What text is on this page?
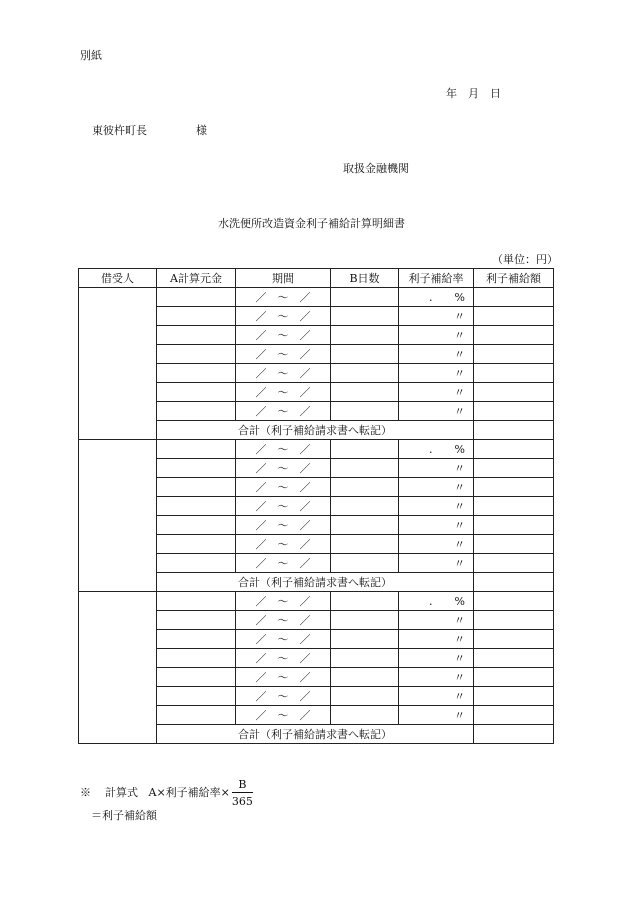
別紙
年　月　日
東彼杵町長	様
取扱金融機関
水洗便所改造資金利子補給計算明細書
（単位：円）
借受人	A計算元金	期間	B日数	利子補給率	利子補給額
		／　～　／		.　　%	
		／　～　／		〃	
		／　～　／		〃	
		／　～　／		〃	
		／　～　／		〃	
		／　～　／		〃	
		／　～　／		〃	
	合計（利子補給請求書へ転記）				
		／　～　／		.　　%	
		／　～　／		〃	
		／　～　／		〃	
		／　～　／		〃	
		／　～　／		〃	
		／　～　／		〃	
		／　～　／		〃	
	合計（利子補給請求書へ転記）				
		／　～　／		.　　%	
		／　～　／		〃	
		／　～　／		〃	
		／　～　／		〃	
		／　～　／		〃	
		／　～　／		〃	
		／　～　／		〃	
	合計（利子補給請求書へ転記）				
※ 計算式 A×利子補給率× $\frac{B}{365}$
＝利子補給額
